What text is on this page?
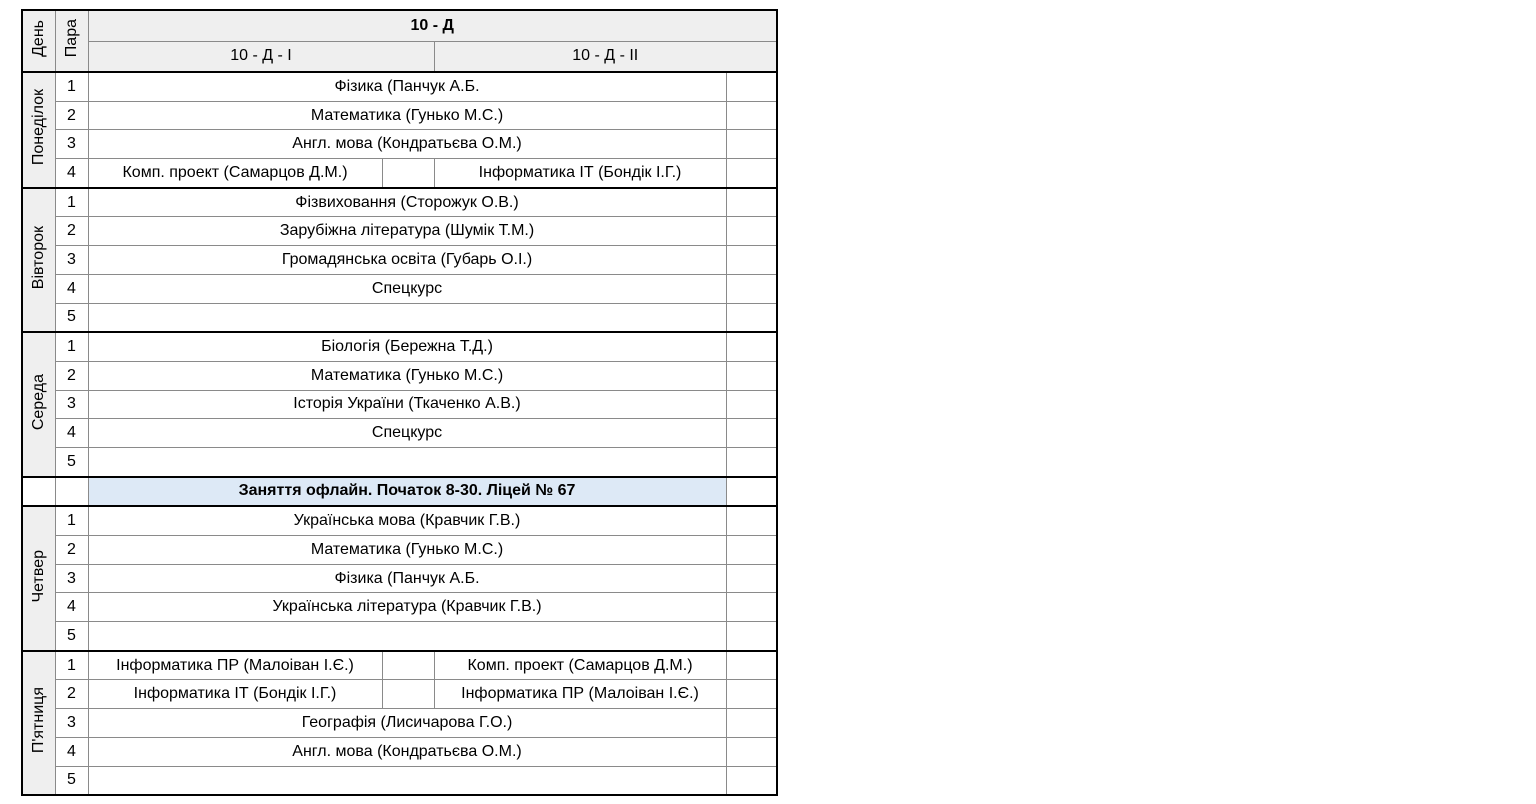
День	Пара	10 - Д			
		10 - Д - I		10 - Д - II	
Понеділок	1	Фізика (Панчук А.Б.			
	2	Математика (Гунько М.С.)			
	3	Англ. мова (Кондратьєва О.М.)			
	4	Комп. проект (Самарцов Д.М.)		Інформатика ІТ (Бондік І.Г.)	
Вівторок	1	Фізвиховання (Сторожук О.В.)			
	2	Зарубіжна література (Шумік Т.М.)			
	3	Громадянська освіта (Губарь О.І.)			
	4	Спецкурс			
	5				
Середа	1	Біологія (Бережна Т.Д.)			
	2	Математика (Гунько М.С.)			
	3	Історія України (Ткаченко А.В.)			
	4	Спецкурс			
	5				
		Заняття офлайн. Початок 8-30. Ліцей № 67			
Четвер	1	Українська мова (Кравчик Г.В.)			
	2	Математика (Гунько М.С.)			
	3	Фізика (Панчук А.Б.			
	4	Українська література (Кравчик Г.В.)			
	5				
П'ятниця	1	Інформатика ПР (Малоіван І.Є.)		Комп. проект (Самарцов Д.М.)	
	2	Інформатика ІТ (Бондік І.Г.)		Інформатика ПР (Малоіван І.Є.)	
	3	Географія (Лисичарова Г.О.)			
	4	Англ. мова (Кондратьєва О.М.)			
	5				
